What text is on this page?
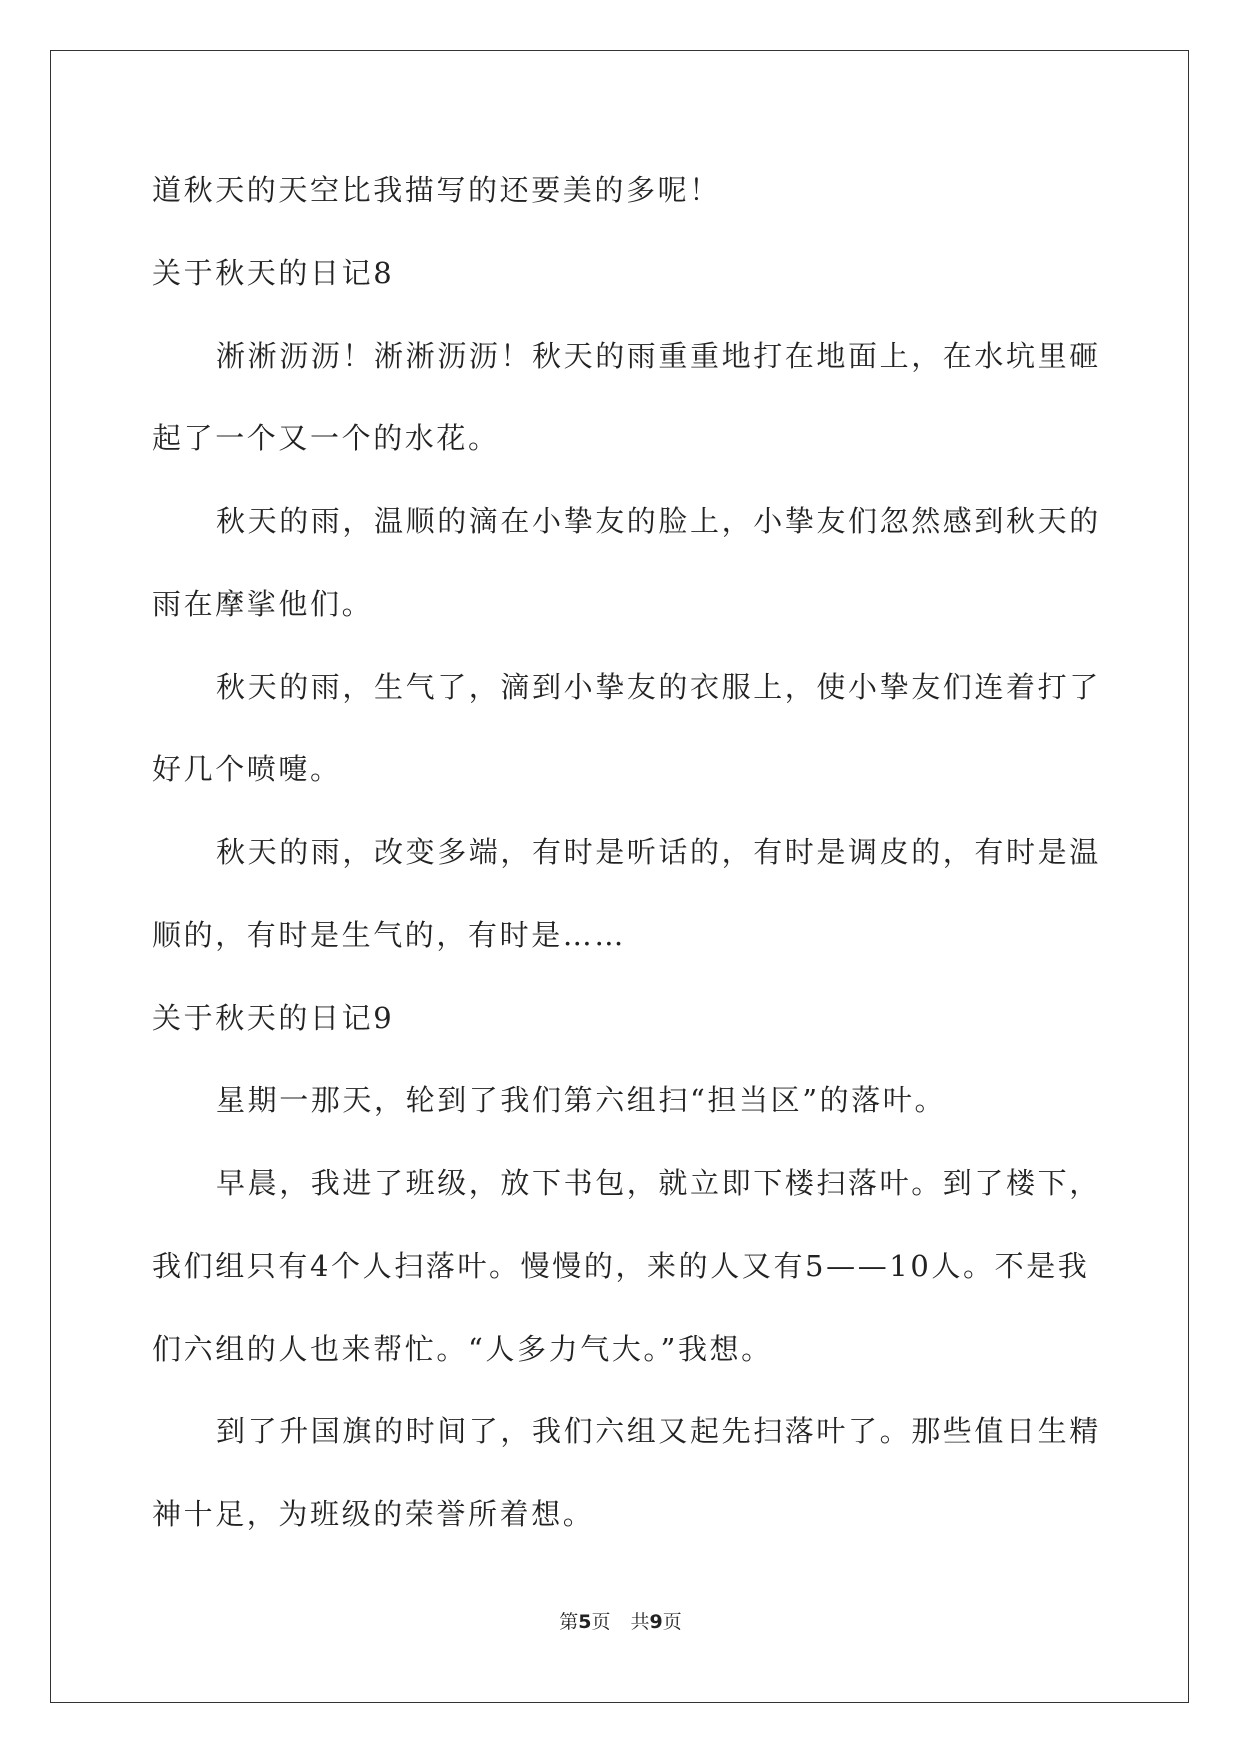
道秋天的天空比我描写的还要美的多呢！
关于秋天的日记8
淅淅沥沥！淅淅沥沥！秋天的雨重重地打在地面上，在水坑里砸
起了一个又一个的水花。
秋天的雨，温顺的滴在小挚友的脸上，小挚友们忽然感到秋天的
雨在摩挲他们。
秋天的雨，生气了，滴到小挚友的衣服上，使小挚友们连着打了
好几个喷嚏。
秋天的雨，改变多端，有时是听话的，有时是调皮的，有时是温
顺的，有时是生气的，有时是……
关于秋天的日记9
星期一那天，轮到了我们第六组扫“担当区”的落叶。
早晨，我进了班级，放下书包，就立即下楼扫落叶。到了楼下，
我们组只有4个人扫落叶。慢慢的，来的人又有5——10人。不是我
们六组的人也来帮忙。“人多力气大。”我想。
到了升国旗的时间了，我们六组又起先扫落叶了。那些值日生精
神十足，为班级的荣誉所着想。
第5页 共9页
